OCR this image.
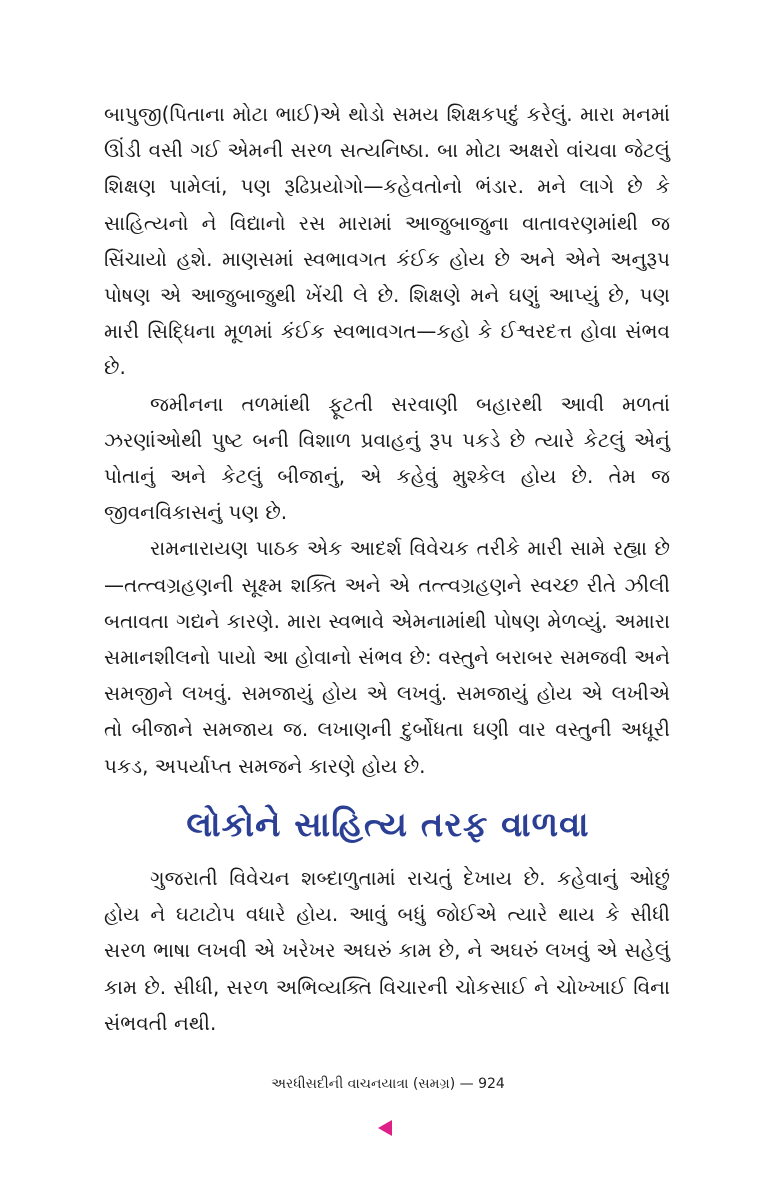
બાપુજી(પિતાના મોટા ભાઈ)એ થોડો સમય શિક્ષકપદું કરેલું. મારા મનમાં ઊંડી વસી ગઈ એમની સરળ સત્યનિષ્ઠા. બા મોટા અક્ષરો વાંચવા જેટલું શિક્ષણ પામેલાં, પણ રૂઢિપ્રયોગો—કહેવતોનો ભંડાર. મને લાગે છે કે સાહિત્યનો ને વિદ્યાનો રસ મારામાં આજુબાજુના વાતાવરણમાંથી જ સિંચાયો હશે. માણસમાં સ્વભાવગત કંઈક હોય છે અને એને અનુરૂપ પોષણ એ આજુબાજુથી ખેંચી લે છે. શિક્ષણે મને ઘણું આપ્યું છે, પણ મારી સિદ્ધિના મૂળમાં કંઈક સ્વભાવગત—કહો કે ઈશ્વરદત્ત હોવા સંભવ છે.

જમીનના તળમાંથી ફૂટતી સરવાણી બહારથી આવી મળતાં ઝરણાંઓથી પુષ્ટ બની વિશાળ પ્રવાહનું રૂપ પકડે છે ત્યારે કેટલું એનું પોતાનું અને કેટલું બીજાનું, એ કહેવું મુશ્કેલ હોય છે. તેમ જ જીવનવિકાસનું પણ છે.

રામનારાયણ પાઠક એક આદર્શ વિવેચક તરીકે મારી સામે રહ્યા છે—તત્ત્વગ્રહણની સૂક્ષ્મ શક્તિ અને એ તત્ત્વગ્રહણને સ્વચ્છ રીતે ઝીલી બતાવતા ગદ્યને કારણે. મારા સ્વભાવે એમનામાંથી પોષણ મેળવ્યું. અમારા સમાનશીલનો પાયો આ હોવાનો સંભવ છે: વસ્તુને બરાબર સમજવી અને સમજીને લખવું. સમજાયું હોય એ લખવું. સમજાયું હોય એ લખીએ તો બીજાને સમજાય જ. લખાણની દુર્બોધતા ઘણી વાર વસ્તુની અધૂરી પકડ, અપર્યાપ્ત સમજને કારણે હોય છે.

લોકોને સાહિત્ય તરફ વાળવા

ગુજરાતી વિવેચન શબ્દાળુતામાં રાચતું દેખાય છે. કહેવાનું ઓછું હોય ને ઘટાટોપ વધારે હોય. આવું બધું જોઈએ ત્યારે થાય કે સીધી સરળ ભાષા લખવી એ ખરેખર અઘરું કામ છે, ને અઘરું લખવું એ સહેલું કામ છે. સીધી, સરળ અભિવ્યક્તિ વિચારની ચોકસાઈ ને ચોખ્ખાઈ વિના સંભવતી નથી.

અરધીસદીની વાચનયાત્રા (સમગ્ર) — 924
